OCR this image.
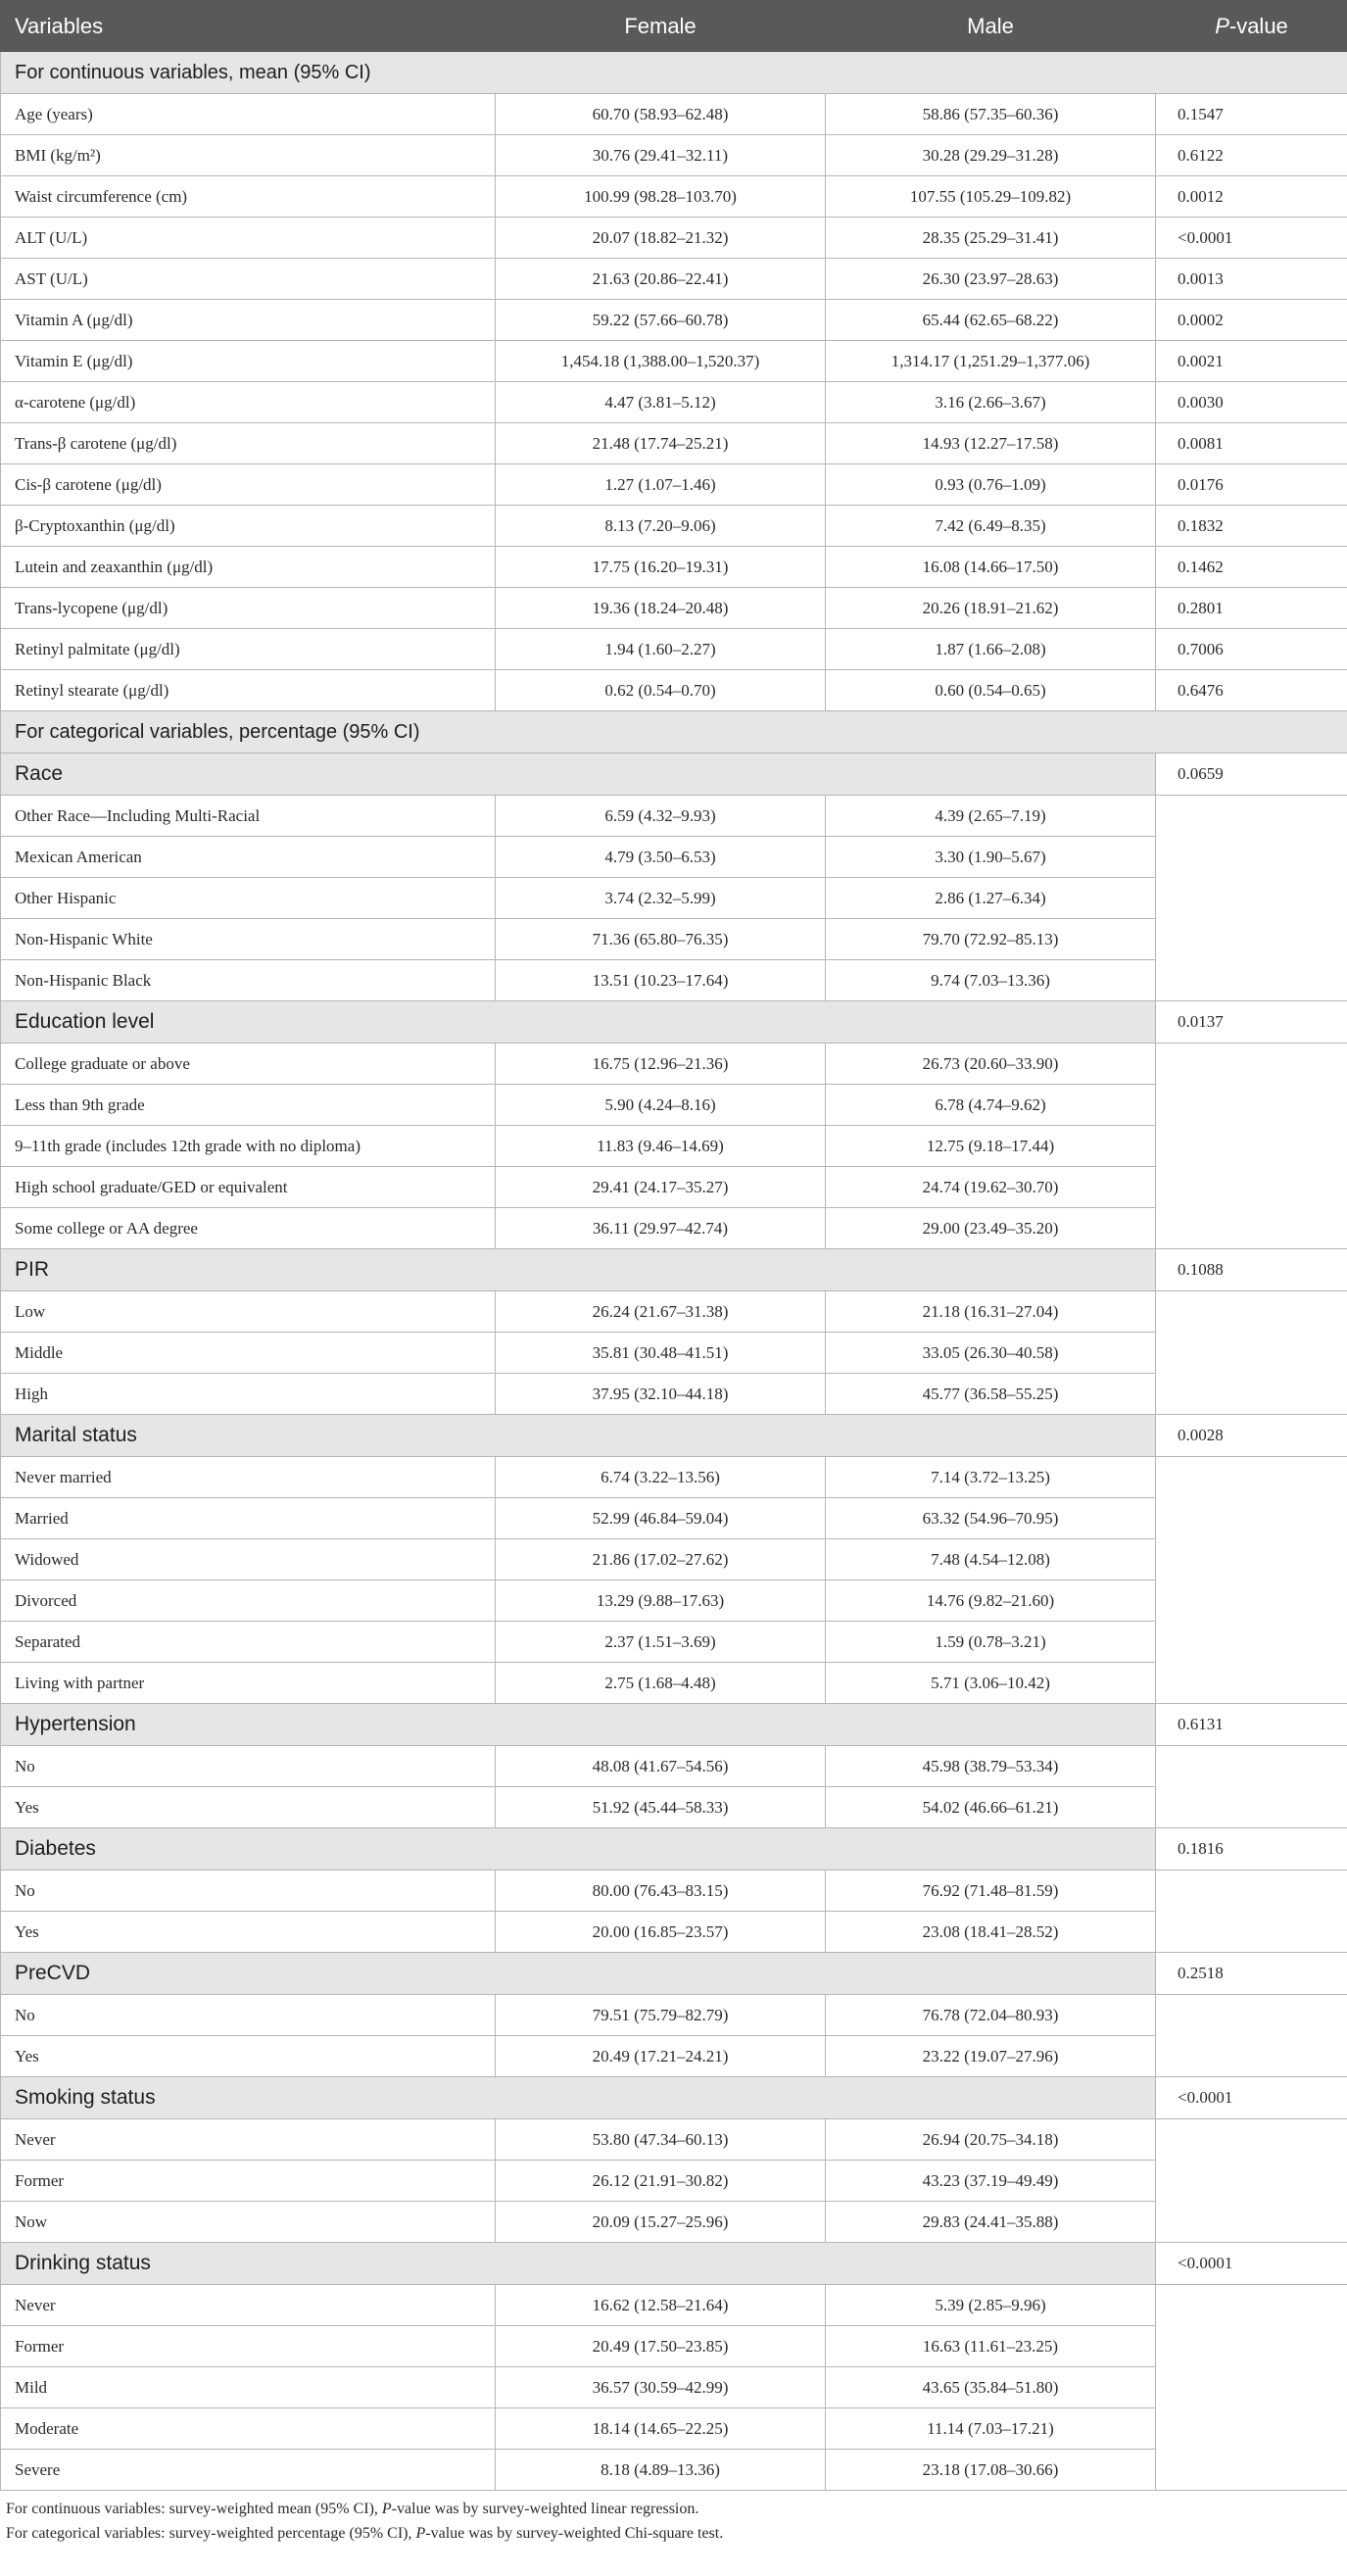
Variables	Female	Male	P-value
For continuous variables, mean (95% CI)			
Age (years)	60.70 (58.93–62.48)	58.86 (57.35–60.36)	0.1547
BMI (kg/m²)	30.76 (29.41–32.11)	30.28 (29.29–31.28)	0.6122
Waist circumference (cm)	100.99 (98.28–103.70)	107.55 (105.29–109.82)	0.0012
ALT (U/L)	20.07 (18.82–21.32)	28.35 (25.29–31.41)	<0.0001
AST (U/L)	21.63 (20.86–22.41)	26.30 (23.97–28.63)	0.0013
Vitamin A (μg/dl)	59.22 (57.66–60.78)	65.44 (62.65–68.22)	0.0002
Vitamin E (μg/dl)	1,454.18 (1,388.00–1,520.37)	1,314.17 (1,251.29–1,377.06)	0.0021
α-carotene (μg/dl)	4.47 (3.81–5.12)	3.16 (2.66–3.67)	0.0030
Trans-β carotene (μg/dl)	21.48 (17.74–25.21)	14.93 (12.27–17.58)	0.0081
Cis-β carotene (μg/dl)	1.27 (1.07–1.46)	0.93 (0.76–1.09)	0.0176
β-Cryptoxanthin (μg/dl)	8.13 (7.20–9.06)	7.42 (6.49–8.35)	0.1832
Lutein and zeaxanthin (μg/dl)	17.75 (16.20–19.31)	16.08 (14.66–17.50)	0.1462
Trans-lycopene (μg/dl)	19.36 (18.24–20.48)	20.26 (18.91–21.62)	0.2801
Retinyl palmitate (μg/dl)	1.94 (1.60–2.27)	1.87 (1.66–2.08)	0.7006
Retinyl stearate (μg/dl)	0.62 (0.54–0.70)	0.60 (0.54–0.65)	0.6476
For categorical variables, percentage (95% CI)			
Race			0.0659
Other Race—Including Multi-Racial	6.59 (4.32–9.93)	4.39 (2.65–7.19)	
Mexican American	4.79 (3.50–6.53)	3.30 (1.90–5.67)	
Other Hispanic	3.74 (2.32–5.99)	2.86 (1.27–6.34)	
Non-Hispanic White	71.36 (65.80–76.35)	79.70 (72.92–85.13)	
Non-Hispanic Black	13.51 (10.23–17.64)	9.74 (7.03–13.36)	
Education level			0.0137
College graduate or above	16.75 (12.96–21.36)	26.73 (20.60–33.90)	
Less than 9th grade	5.90 (4.24–8.16)	6.78 (4.74–9.62)	
9–11th grade (includes 12th grade with no diploma)	11.83 (9.46–14.69)	12.75 (9.18–17.44)	
High school graduate/GED or equivalent	29.41 (24.17–35.27)	24.74 (19.62–30.70)	
Some college or AA degree	36.11 (29.97–42.74)	29.00 (23.49–35.20)	
PIR			0.1088
Low	26.24 (21.67–31.38)	21.18 (16.31–27.04)	
Middle	35.81 (30.48–41.51)	33.05 (26.30–40.58)	
High	37.95 (32.10–44.18)	45.77 (36.58–55.25)	
Marital status			0.0028
Never married	6.74 (3.22–13.56)	7.14 (3.72–13.25)	
Married	52.99 (46.84–59.04)	63.32 (54.96–70.95)	
Widowed	21.86 (17.02–27.62)	7.48 (4.54–12.08)	
Divorced	13.29 (9.88–17.63)	14.76 (9.82–21.60)	
Separated	2.37 (1.51–3.69)	1.59 (0.78–3.21)	
Living with partner	2.75 (1.68–4.48)	5.71 (3.06–10.42)	
Hypertension			0.6131
No	48.08 (41.67–54.56)	45.98 (38.79–53.34)	
Yes	51.92 (45.44–58.33)	54.02 (46.66–61.21)	
Diabetes			0.1816
No	80.00 (76.43–83.15)	76.92 (71.48–81.59)	
Yes	20.00 (16.85–23.57)	23.08 (18.41–28.52)	
PreCVD			0.2518
No	79.51 (75.79–82.79)	76.78 (72.04–80.93)	
Yes	20.49 (17.21–24.21)	23.22 (19.07–27.96)	
Smoking status			<0.0001
Never	53.80 (47.34–60.13)	26.94 (20.75–34.18)	
Former	26.12 (21.91–30.82)	43.23 (37.19–49.49)	
Now	20.09 (15.27–25.96)	29.83 (24.41–35.88)	
Drinking status			<0.0001
Never	16.62 (12.58–21.64)	5.39 (2.85–9.96)	
Former	20.49 (17.50–23.85)	16.63 (11.61–23.25)	
Mild	36.57 (30.59–42.99)	43.65 (35.84–51.80)	
Moderate	18.14 (14.65–22.25)	11.14 (7.03–17.21)	
Severe	8.18 (4.89–13.36)	23.18 (17.08–30.66)	
For continuous variables: survey-weighted mean (95% CI), P-value was by survey-weighted linear regression.
For categorical variables: survey-weighted percentage (95% CI), P-value was by survey-weighted Chi-square test.
